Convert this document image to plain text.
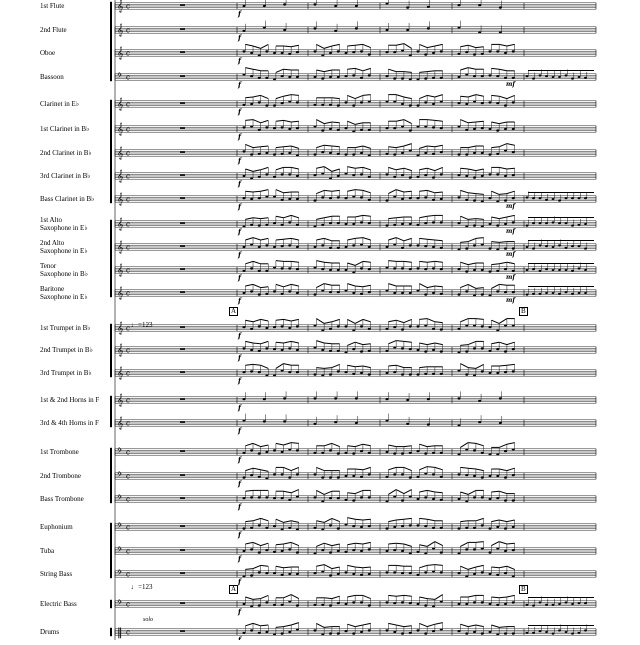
𝄞 c
f
𝄞 c
f
𝄞 c
f
𝄢 c
f
𝄞 c
f
𝄞 c
f
𝄞 c
f
𝄞 c
f
𝄞 c
f
𝄞 c
f
𝄞 c
f
𝄞 c
f
𝄞 c
f
𝄞 c
f
𝄞 c
f
𝄞 c
f
𝄞 c
f
𝄞 c
f
𝄢 c
f
𝄢 c
f
𝄢 c
f
𝄢 c
f
𝄢 c
f
𝄢 c
f
𝄢 c
f
‖ c
f
mf
mf
mf
mf
mf
mf
1st Flute
2nd Flute
Oboe
Bassoon
Clarinet in E♭
1st Clarinet in B♭
2nd Clarinet in B♭
3rd Clarinet in B♭
Bass Clarinet in B♭
1st Alto
Saxophone in E♭
2nd Alto
Saxophone in E♭
Tenor
Saxophone in B♭
Baritone
Saxophone in E♭
1st Trumpet in B♭
2nd Trumpet in B♭
3rd Trumpet in B♭
1st & 2nd Horns in F
3rd & 4th Horns in F
1st Trombone
2nd Trombone
Bass Trombone
Euphonium
Tuba
String Bass
Electric Bass
Drums
♩=123
♩=123
A	B
A	B
solo
